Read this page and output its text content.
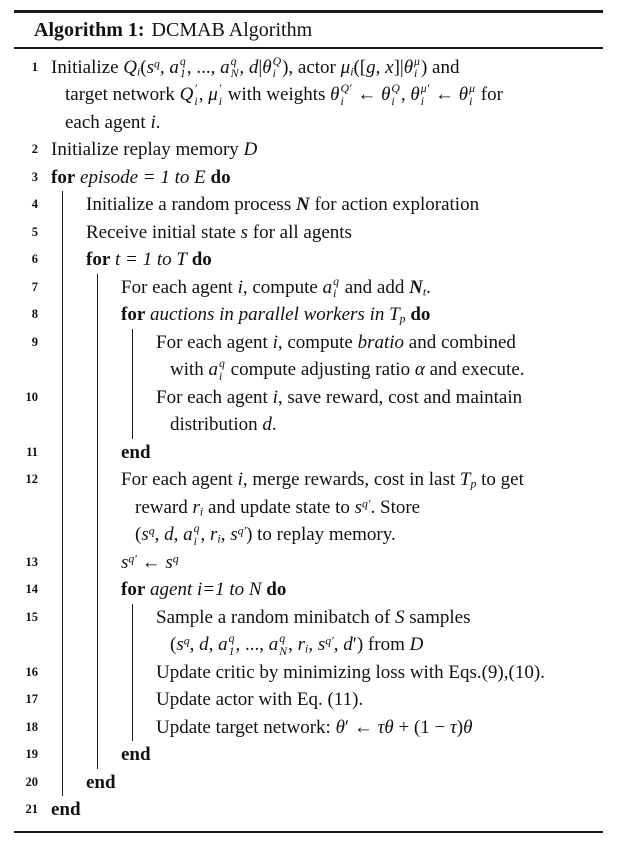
Algorithm 1: DCMAB Algorithm
1 Initialize $Q_i(s^q$, a q
1 , ..., a q
N , d|θ Q
i ), actor $\mu_i([g$, x]|θ μ
i ) and
target network Q ′
i , μ ′
i with weights θ Q′
i ← θ Q
i , θ μ′
i ← θ μ
i for
each agent i.
2 Initialize replay memory D
3 for episode = 1 to E do
4	Initialize a random process N for action exploration
5	Receive initial state s for all agents
6	for t = 1 to T do
7	For each agent i, compute a q
i and add $N_t$.
8	for auctions in parallel workers in $T_p$ do
9	For each agent i, compute bratio and combined
with a q
i compute adjusting ratio α and execute.
10	For each agent i, save reward, cost and maintain
distribution d.
11	end
12	For each agent i, merge rewards, cost in last $T_p$ to get
reward $r_i$ and update state to $s^{q'}$. Store
($s^q$, d, a q
i , $r_i$, $s^{q'}$) to replay memory.
13	$s^{q'}$ ← $s^q$
14	for agent i=1 to N do
15	Sample a random minibatch of S samples
($s^q$, d, a q
1 , ..., a q
N , $r_i$, $s^{q'}$, d′) from D
16	Update critic by minimizing loss with Eqs.(9),(10).
17	Update actor with Eq. (11).
18	Update target network: θ′ ← τθ + (1 − τ)θ
19	end
20	end
21 end
